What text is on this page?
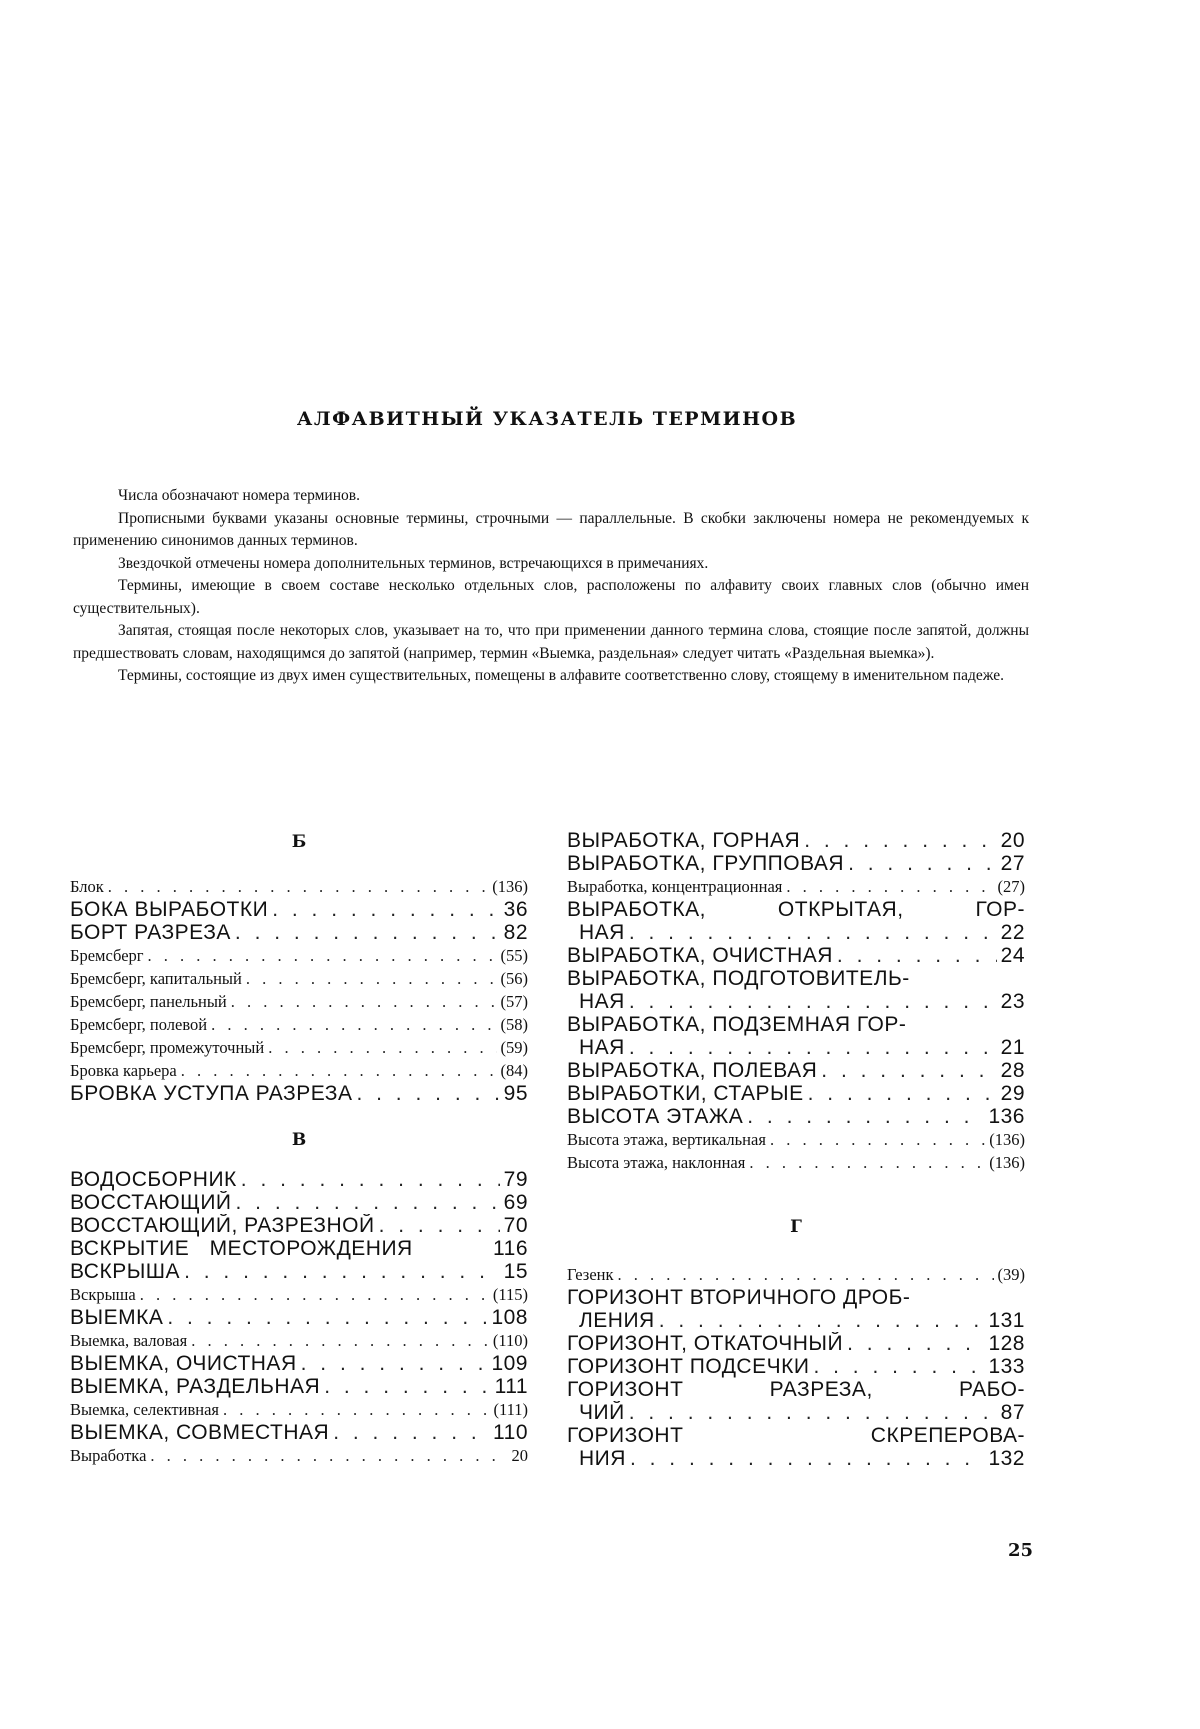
АЛФАВИТНЫЙ УКАЗАТЕЛЬ ТЕРМИНОВ

Числа обозначают номера терминов.

Прописными буквами указаны основные термины, строчными — параллельные. В скобки заключены номера не рекомендуемых к применению синонимов данных терминов.

Звездочкой отмечены номера дополнительных терминов, встречающихся в примечаниях.

Термины, имеющие в своем составе несколько отдельных слов, расположены по алфавиту своих главных слов (обычно имен существительных).

Запятая, стоящая после некоторых слов, указывает на то, что при применении данного термина слова, стоящие после запятой, должны предшествовать словам, находящимся до запятой (например, термин «Выемка, раздельная» следует читать «Раздельная выемка»).

Термины, состоящие из двух имен существительных, помещены в алфавите соответственно слову, стоящему в именительном падеже.

Б
Блок . . . . . . . . . . . . . . . . . . . . . . .	(136)
БОКА ВЫРАБОТКИ . . . . . . . . . . . . 36
БОРТ РАЗРЕЗА . . . . . . . . . . . . . . 82
Бремсберг . . . . . . . . . . . . . . . . . . . . . . (55)
Бремсберг, капитальный . . . . . . . . . . . . . . .	(56)
Бремсберг, панельный . . . . . . . . . . . . . . . .	(57)
Бремсберг, полевой . . . . . . . . . . . . . . . . . . (58)
Бремсберг, промежуточный . . . . . . . . . . . . . . (59)
Бровка карьера . . . . . . . . . . . . . . . . . . .	(84)
БРОВКА УСТУПА РАЗРЕЗА . . . . . . . 95
В
ВОДОСБОРНИК . . . . . . . . . . . . . 79
ВОССТАЮЩИЙ . . . . . . . . . . . . .	69
ВОССТАЮЩИЙ, РАЗРЕЗНОЙ . . . . . . 70
ВСКРЫТИЕ МЕСТОРОЖДЕНИЯ	116
ВСКРЫША . . . . . . . . . . . . . . . . 15
Вскрыша . . . . . . . . . . . . . . . . . . . . . . (115)
ВЫЕМКА . . . . . . . . . . . . . . . . 108
Выемка, валовая . . . . . . . . . . . . . . . . . .	(110)
ВЫЕМКА, ОЧИСТНАЯ . . . . . . . . . . 109
ВЫЕМКА, РАЗДЕЛЬНАЯ . . . . . . . . . 111
Выемка, селективная . . . . . . . . . . . . . . . .	(111)
ВЫЕМКА, СОВМЕСТНАЯ . . . . . . . . 110
Выработка . . . . . . . . . . . . . . . . . . . . . . 20
ВЫРАБОТКА, ГОРНАЯ . . . . . . . . . . 20
ВЫРАБОТКА, ГРУППОВАЯ . . . . . . . . 27
Выработка, концентрационная . . . . . . . . . . . . . (27)
ВЫРАБОТКА,	ОТКРЫТАЯ,	ГОР-
НАЯ . . . . . . . . . . . . . . . . . . . 22
ВЫРАБОТКА, ОЧИСТНАЯ . . . . . . . . 24
ВЫРАБОТКА, ПОДГОТОВИТЕЛЬ-
НАЯ . . . . . . . . . . . . . . . . . . . 23
ВЫРАБОТКА, ПОДЗЕМНАЯ ГОР-
НАЯ . . . . . . . . . . . . . . . . . . . 21
ВЫРАБОТКА, ПОЛЕВАЯ . . . . . . . . . 28
ВЫРАБОТКИ, СТАРЫЕ . . . . . . . . . . 29
ВЫСОТА ЭТАЖА . . . . . . . . . . . . 136
Высота этажа, вертикальная . . . . . . . . . . . . . (136)
Высота этажа, наклонная . . . . . . . . . . . . . . . (136)
Г
Гезенк . . . . . . . . . . . . . . . . . . . . . . . (39)
ГОРИЗОНТ ВТОРИЧНОГО ДРОБ-
ЛЕНИЯ . . . . . . . . . . . . . . . . . 131
ГОРИЗОНТ, ОТКАТОЧНЫЙ . . . . . . . 128
ГОРИЗОНТ ПОДСЕЧКИ . . . . . . . . . 133
ГОРИЗОНТ	РАЗРЕЗА,	РАБО-
ЧИЙ . . . . . . . . . . . . . . . . . . . 87
ГОРИЗОНТ	СКРЕПЕРОВА-
НИЯ . . . . . . . . . . . . . . . . . . 132
25
